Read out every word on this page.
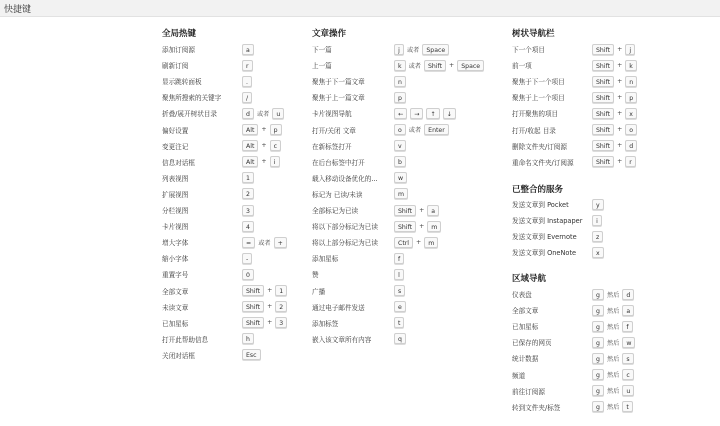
快捷键
全局热键
添加订阅源	a
刷新订阅	r
显示跳转面板	.
聚焦所搜索的关键字	/
折叠/展开树状目录	d	或者	u
偏好设置	Alt	+	p
变更注记	Alt	+	c
信息对话框	Alt	+	i
列表视图	1
扩展视图	2
分栏视图	3
卡片视图	4
增大字体	=	或者	+
缩小字体	-
重置字号	0
全部文章	Shift	+	1
未读文章	Shift	+	2
已加星标	Shift	+	3
打开此帮助信息	h
关闭对话框	Esc
文章操作
下一篇	j	或者	Space
上一篇	k	或者	Shift	+	Space
聚焦于下一篇文章	n
聚焦于上一篇文章	p
卡片视图导航	←	→	↑	↓
打开/关闭 文章	o	或者	Enter
在新标签打开	v
在后台标签中打开	b
载入移动设备优化的...	w
标记为 已读/未读	m
全部标记为已读	Shift	+	a
将以下部分标记为已读	Shift	+	m
将以上部分标记为已读	Ctrl	+	m
添加星标	f
赞	l
广播	s
通过电子邮件发送	e
添加标签	t
嵌入该文章所有内容	q
树状导航栏
下一个项目	Shift	+	j
前一项	Shift	+	k
聚焦于下一个项目	Shift	+	n
聚焦于上一个项目	Shift	+	p
打开聚焦的项目	Shift	+	x
打开/收起 目录	Shift	+	o
删除文件夹/订阅源	Shift	+	d
重命名文件夹/订阅源	Shift	+	r
已整合的服务
发送文章到 Pocket	y
发送文章到 Instapaper	i
发送文章到 Evernote	z
发送文章到 OneNote	x
区域导航
仪表盘	g	然后	d
全部文章	g	然后	a
已加星标	g	然后	f
已保存的网页	g	然后	w
统计数据	g	然后	s
频道	g	然后	c
前往订阅源	g	然后	u
转到文件夹/标签	g	然后	t
